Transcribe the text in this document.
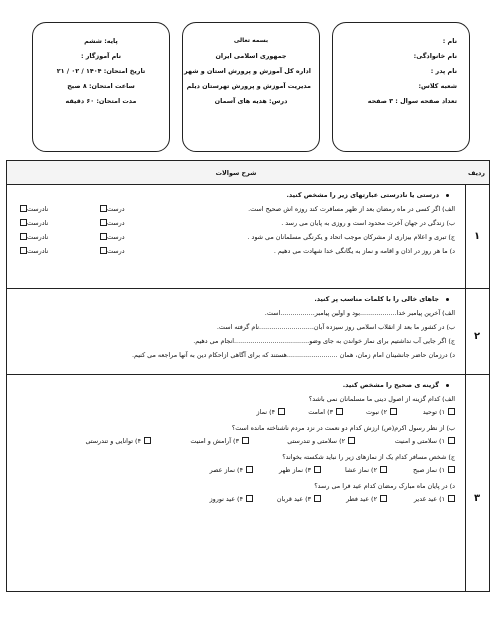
نام :
نام خانوادگی:
نام پدر :
شعبه کلاس:
تعداد صفحه سوال : ۳ صفحه
بسمه تعالی
جمهوری اسلامی ایران
اداره کل آموزش و پرورش استان و شهر
مدیریت آموزش و پرورش تهرستان دیلم
درس: هدیه های آسمان
پایه: ششم
نام آموزگار :
تاریخ امتحان: ۱۴۰۴ / ۰۲ / ۲۱
ساعت امتحان: ۸ صبح
مدت امتحان: ۶۰ دقیقه
ردیف
شرح سوالات
۱
درستی یا نادرستی عبارتهای زیر را مشخص کنید.
الف) اگر کسی در ماه رمضان بعد از ظهر مسافرت کند روزه اش صحیح است.
درست
نادرست
ب) زندگی در جهان آخرت محدود است و روزی به پایان می رسد .
درست
نادرست
ج) تبری و اعلام بیزاری از مشرکان موجب اتحاد و یکرنگی مسلمانان می شود .
درست
نادرست
د) ما هر روز در اذان و اقامه و نماز به یگانگی خدا شهادت می دهیم .
درست
نادرست
۲
جاهای خالی را با کلمات مناسب پر کنید.
الف) آخرین پیامبر خدا..................بود و اولین پیامبر.................است.
ب) در کشور ما بعد از انقلاب اسلامی روز سیزده آبان...........................نام گرفته است.
ج) اگر جایی آب نداشتیم برای نماز خواندن به جای وضو.....................................انجام می دهیم.
د) درزمان حاضر جانشینان امام زمان، همان .........................هستند که برای آگاهی ازاحکام دین به آنها مراجعه می کنیم.
۳
گزینه ی صحیح را مشخص کنید.
الف) کدام گزینه از اصول دینی ما مسلمانان نمی باشد؟
۱) توحید
۲) نبوت
۳) امامت
۴) نماز
ب) از نظر رسول اکرم(ص) ارزش کدام دو نعمت در نزد مردم ناشناخته مانده است؟
۱) سلامتی و امنیت
۲) سلامتی و تندرستی
۳) آرامش و امنیت
۴) توانایی و تندرستی
ج) شخص مسافر کدام یک از نمازهای زیر را نباید شکسته بخواند؟
۱) نماز صبح
۲) نماز عشا
۳) نماز ظهر
۴) نماز عصر
د) در پایان ماه مبارک رمضان کدام عید فرا می رسد؟
۱) عید غدیر
۲) عید فطر
۳) عید قربان
۴) عید نوروز
